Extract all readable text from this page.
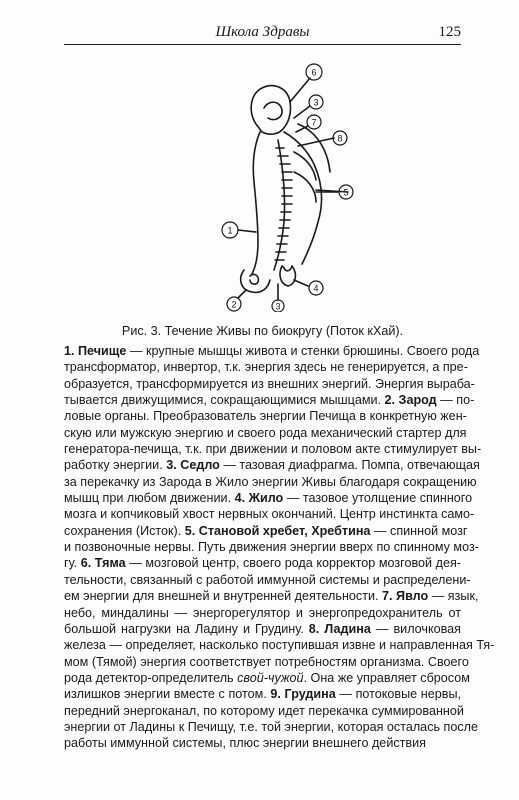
Школа Здравы	125
6
3
7
8
5
1
2	3
4
Рис. 3. Течение Живы по биокругу (Поток кХай).
1. Печище — крупные мышцы живота и стенки брюшины. Своего рода
трансформатор, инвертор, т.к. энергия здесь не генерируется, а пре-
образуется, трансформируется из внешних энергий. Энергия выраба-
тывается движущимися, сокращающимися мышцами. 2. Зарод — по-
ловые органы. Преобразователь энергии Печища в конкретную жен-
скую или мужскую энергию и своего рода механический стартер для
генератора-печища, т.к. при движении и половом акте стимулирует вы-
работку энергии. 3. Седло — тазовая диафрагма. Помпа, отвечающая
за перекачку из Зарода в Жило энергии Живы благодаря сокращению
мышц при любом движении. 4. Жило — тазовое утолщение спинного
мозга и копчиковый хвост нервных окончаний. Центр инстинкта само-
сохранения (Исток). 5. Становой хребет, Хребтина — спинной мозг
и позвоночные нервы. Путь движения энергии вверх по спинному моз-
гу. 6. Тяма — мозговой центр, своего рода корректор мозговой дея-
тельности, связанный с работой иммунной системы и распределени-
ем энергии для внешней и внутренней деятельности. 7. Явло — язык,
небо, миндалины — энергорегулятор и энергопредохранитель от
большой нагрузки на Ладину и Грудину. 8. Ладина — вилочковая
железа — определяет, насколько поступившая извне и направленная Тя-
мом (Тямой) энергия соответствует потребностям организма. Своего
рода детектор-определитель свой-чужой. Она же управляет сбросом
излишков энергии вместе с потом. 9. Грудина — потоковые нервы,
передний энергоканал, по которому идет перекачка суммированной
энергии от Ладины к Печищу, т.е. той энергии, которая осталась после
работы иммунной системы, плюс энергии внешнего действия
